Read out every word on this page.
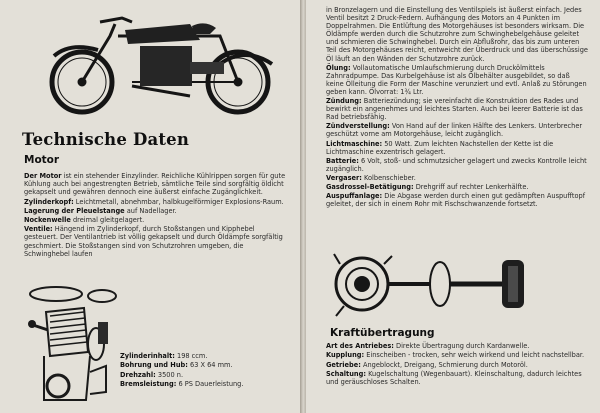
Technische Daten
Motor

Der Motor ist ein stehender Einzylinder. Reichliche Kühlrippen sorgen für gute Kühlung auch bei angestrengten Betrieb, sämtliche Teile sind sorgfältig öldicht gekapselt und gewähren dennoch eine äußerst einfache Zugänglichkeit.

Zylinderkopf: Leichtmetall, abnehmbar, halbkugelförmiger Explosions-Raum.

Lagerung der Pleuelstange auf Nadellager.

Nockenwelle dreimal gleitgelagert.

Ventile: Hängend im Zylinderkopf, durch Stoßstangen und Kipphebel gesteuert. Der Ventilantrieb ist völlig gekapselt und durch Öldämpfe sorgfältig geschmiert. Die Stoßstangen sind von Schutzrohren umgeben, die Schwinghebel laufen

Zylinderinhalt: 198 ccm.
Bohrung und Hub: 63 X 64 mm.
Drehzahl: 3500 n.
Bremsleistung: 6 PS Dauerleistung.

in Bronzelagern und die Einstellung des Ventilspiels ist äußerst einfach. Jedes Ventil besitzt 2 Druck-Federn. Aufhängung des Motors an 4 Punkten im Doppelrahmen. Die Entlüftung des Motorgehäuses ist besonders wirksam. Die Öldämpfe werden durch die Schutzrohre zum Schwinghebelgehäuse geleitet und schmieren die Schwinghebel. Durch ein Abflußrohr, das bis zum unteren Teil des Motorgehäuses reicht, entweicht der Überdruck und das überschüssige Öl läuft an den Wänden der Schutzrohre zurück.

Ölung: Vollautomatische Umlaufschmierung durch Druckölmittels Zahnradpumpe. Das Kurbelgehäuse ist als Ölbehälter ausgebildet, so daß keine Ölleitung die Form der Maschine verunziert und evtl. Anlaß zu Störungen geben kann. Ölvorrat: 1¾ Ltr.

Zündung: Batteriezündung; sie vereinfacht die Konstruktion des Rades und bewirkt ein angenehmes und leichtes Starten. Auch bei leerer Batterie ist das Rad betriebsfähig.

Zündverstellung: Von Hand auf der linken Hälfte des Lenkers. Unterbrecher geschützt vorne am Motorgehäuse, leicht zugänglich.

Lichtmaschine: 50 Watt. Zum leichten Nachstellen der Kette ist die Lichtmaschine exzentrisch gelagert.

Batterie: 6 Volt, stoß- und schmutzsicher gelagert und zwecks Kontrolle leicht zugänglich.

Vergaser: Kolbenschieber.

Gasdrossel-Betätigung: Drehgriff auf rechter Lenkerhälfte.

Auspuffanlage: Die Abgase werden durch einen gut gedämpften Auspufftopf geleitet, der sich in einem Rohr mit Fischschwanzende fortsetzt.

Kraftübertragung

Art des Antriebes: Direkte Übertragung durch Kardanwelle.

Kupplung: Einscheiben - trocken, sehr weich wirkend und leicht nachstellbar.

Getriebe: Angeblockt, Dreigang, Schmierung durch Motoröl.

Schaltung: Kugelschaltung (Wegenbauart). Kleinschaltung, dadurch leichtes und geräuschloses Schalten.
